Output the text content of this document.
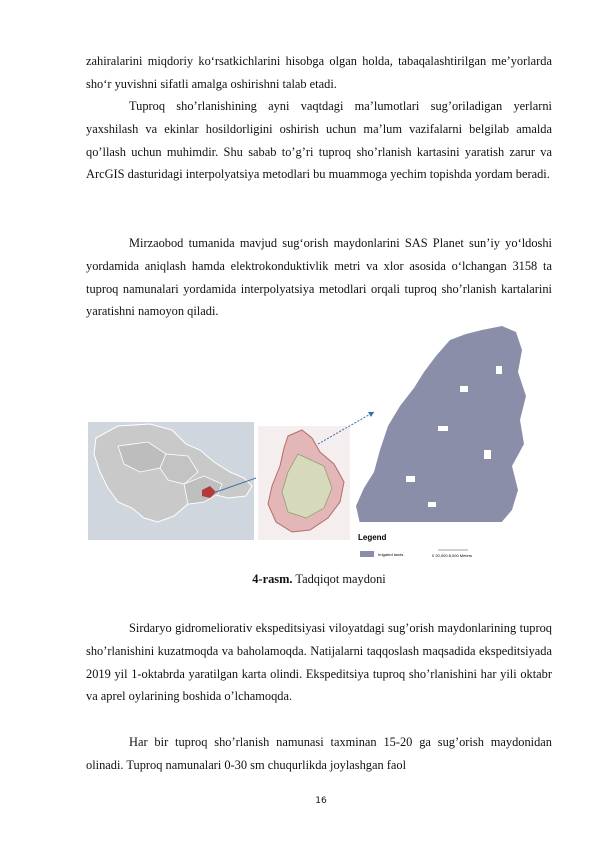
zahiralarini miqdoriy ko‘rsatkichlarini hisobga olgan holda, tabaqalashtirilgan me’yorlarda sho‘r yuvishni sifatli amalga oshirishni talab etadi.

Tuproq sho’rlanishining ayni vaqtdagi ma’lumotlari sug’oriladigan yerlarni yaxshilash va ekinlar hosildorligini oshirish uchun ma’lum vazifalarni belgilab amalda qo’llash uchun muhimdir. Shu sabab to’g’ri tuproq sho’rlanish kartasini yaratish zarur va ArcGIS dasturidagi interpolyatsiya metodlari bu muammoga yechim topishda yordam beradi.

Mirzaobod tumanida mavjud sug‘orish maydonlarini SAS Planet sun’iy yo‘ldoshi yordamida aniqlash hamda elektrokonduktivlik metri va xlor asosida o‘lchangan 3158 ta tuproq namunalari yordamida interpolyatsiya metodlari orqali tuproq sho’rlanish kartalarini yaratishni namoyon qiladi.

Legend
Irrigated lands	0 20,000 8,000 Meters
4-rasm. Tadqiqot maydoni

Sirdaryo gidromeliorativ ekspeditsiyasi viloyatdagi sug’orish maydonlarining tuproq sho’rlanishini kuzatmoqda va baholamoqda. Natijalarni taqqoslash maqsadida ekspeditsiyada 2019 yil 1-oktabrda yaratilgan karta olindi. Ekspeditsiya tuproq sho’rlanishini har yili oktabr va aprel oylarining boshida o’lchamoqda.

Har bir tuproq sho’rlanish namunasi taxminan 15-20 ga sug’orish maydonidan olinadi. Tuproq namunalari 0-30 sm chuqurlikda joylashgan faol

16
